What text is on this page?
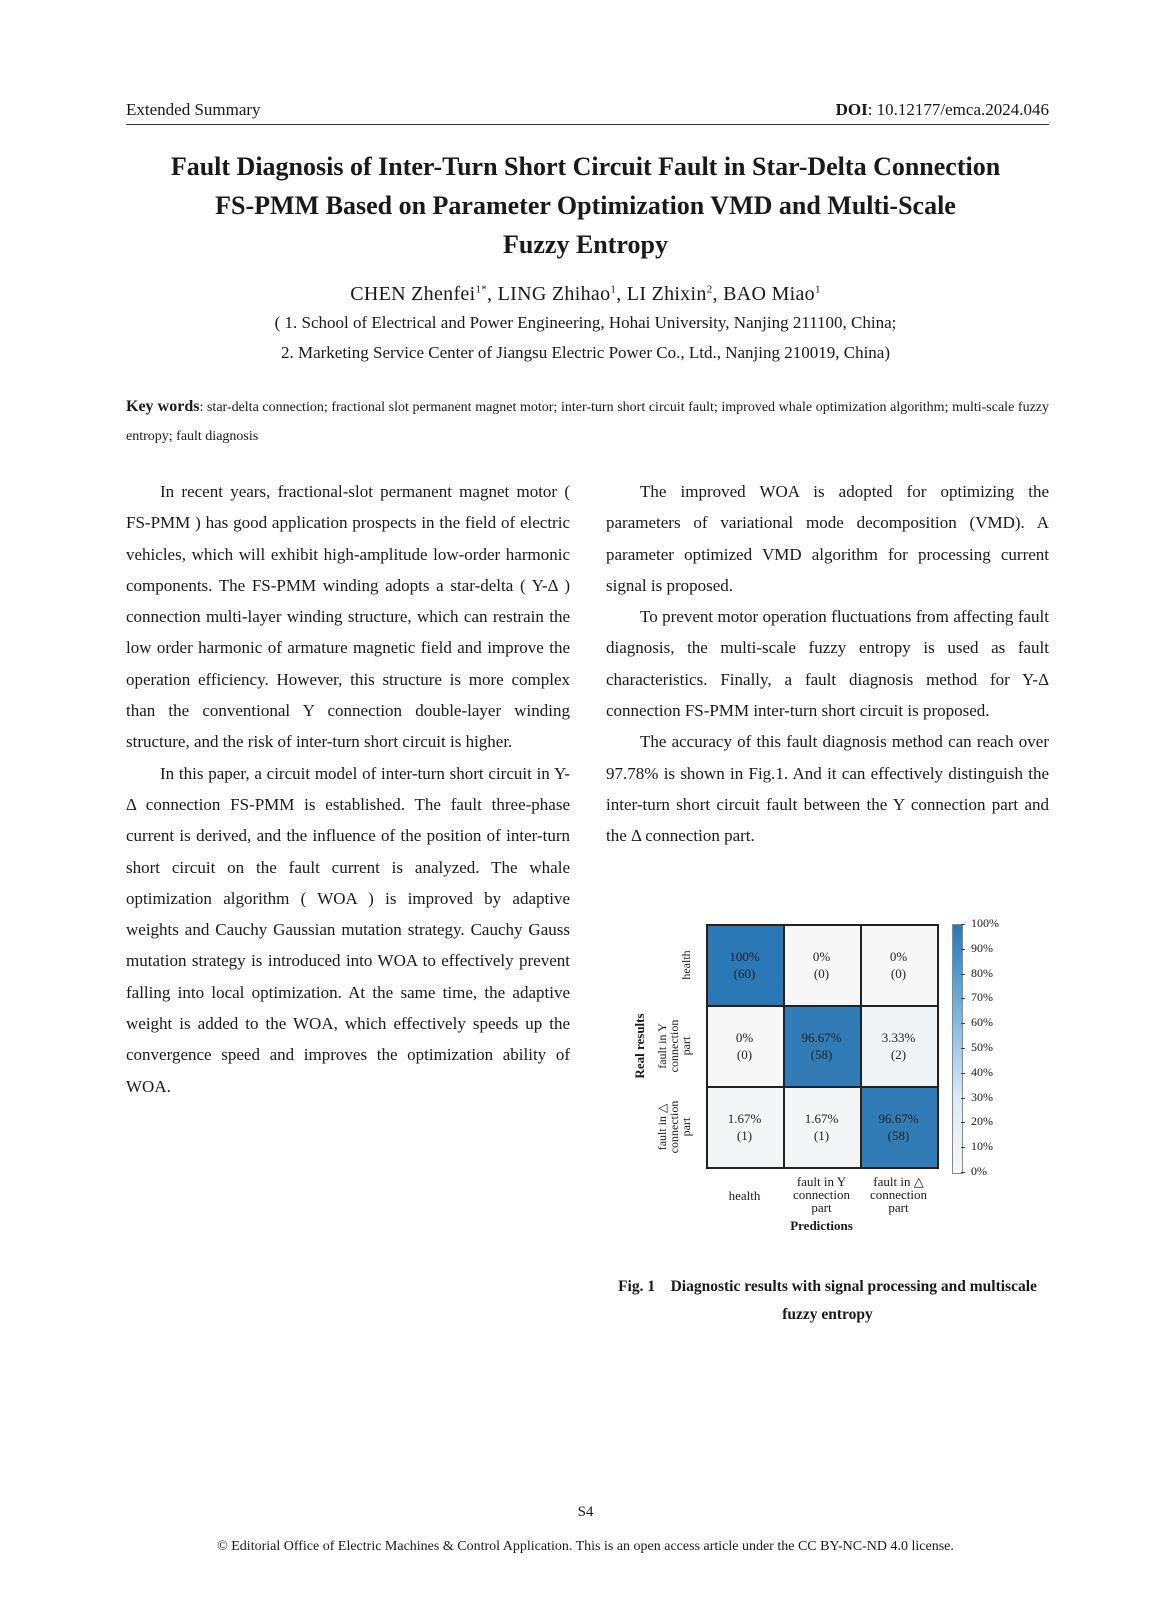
Extended Summary	DOI: 10.12177/emca.2024.046
Fault Diagnosis of Inter-Turn Short Circuit Fault in Star-Delta Connection
FS-PMM Based on Parameter Optimization VMD and Multi-Scale
Fuzzy Entropy
CHEN Zhenfei$^{1*}$, LING Zhihao$^1$, LI Zhixin$^2$, BAO Miao$^1$
( 1. School of Electrical and Power Engineering, Hohai University, Nanjing 211100, China;
2. Marketing Service Center of Jiangsu Electric Power Co., Ltd., Nanjing 210019, China)
Key words: star-delta connection; fractional slot permanent magnet motor; inter-turn short circuit fault; improved whale optimization algorithm; multi-scale fuzzy entropy; fault diagnosis

In recent years, fractional-slot permanent magnet motor ( FS-PMM ) has good application prospects in the field of electric vehicles, which will exhibit high-amplitude low-order harmonic components. The FS-PMM winding adopts a star-delta ( Y-Δ ) connection multi-layer winding structure, which can restrain the low order harmonic of armature magnetic field and improve the operation efficiency. However, this structure is more complex than the conventional Y connection double-layer winding structure, and the risk of inter-turn short circuit is higher.

In this paper, a circuit model of inter-turn short circuit in Y-Δ connection FS-PMM is established. The fault three-phase current is derived, and the influence of the position of inter-turn short circuit on the fault current is analyzed. The whale optimization algorithm ( WOA ) is improved by adaptive weights and Cauchy Gaussian mutation strategy. Cauchy Gauss mutation strategy is introduced into WOA to effectively prevent falling into local optimization. At the same time, the adaptive weight is added to the WOA, which effectively speeds up the convergence speed and improves the optimization ability of WOA.

The improved WOA is adopted for optimizing the parameters of variational mode decomposition (VMD). A parameter optimized VMD algorithm for processing current signal is proposed.

To prevent motor operation fluctuations from affecting fault diagnosis, the multi-scale fuzzy entropy is used as fault characteristics. Finally, a fault diagnosis method for Y-Δ connection FS-PMM inter-turn short circuit is proposed.

The accuracy of this fault diagnosis method can reach over 97.78% is shown in Fig.1. And it can effectively distinguish the inter-turn short circuit fault between the Y connection part and the Δ connection part.

100%
(60)
0%
(0)
0%
(0)
0%
(0)
96.67%
(58)
3.33%
(2)
1.67%
(1)
1.67%
(1)
96.67%
(58)
health
fault in Y
connection
part
fault in △
connection
part
Real results
health
fault in Y
connection
part
fault in △
connection
part
Predictions
100%
90%
80%
70%
60%
50%
40%
30%
20%
10%
0%
Fig. 1 Diagnostic results with signal processing and multiscale fuzzy entropy
S4
© Editorial Office of Electric Machines & Control Application. This is an open access article under the CC BY-NC-ND 4.0 license.
